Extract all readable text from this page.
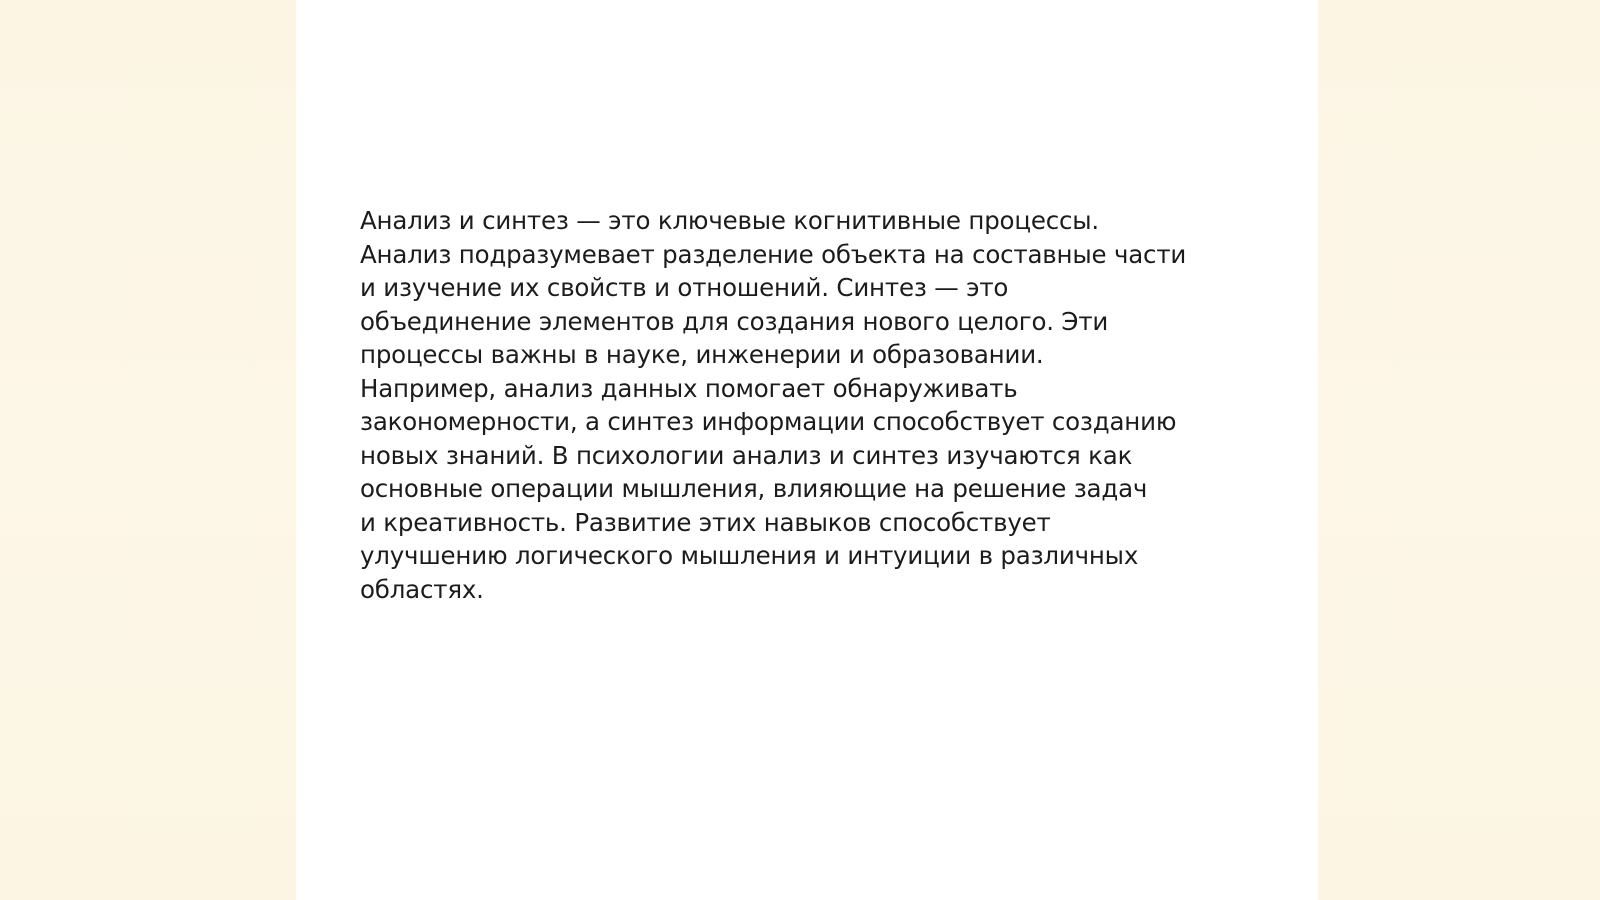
Анализ и синтез — это ключевые когнитивные процессы.
Анализ подразумевает разделение объекта на составные части
и изучение их свойств и отношений. Синтез — это
объединение элементов для создания нового целого. Эти
процессы важны в науке, инженерии и образовании.
Например, анализ данных помогает обнаруживать
закономерности, а синтез информации способствует созданию
новых знаний. В психологии анализ и синтез изучаются как
основные операции мышления, влияющие на решение задач
и креативность. Развитие этих навыков способствует
улучшению логического мышления и интуиции в различных
областях.
